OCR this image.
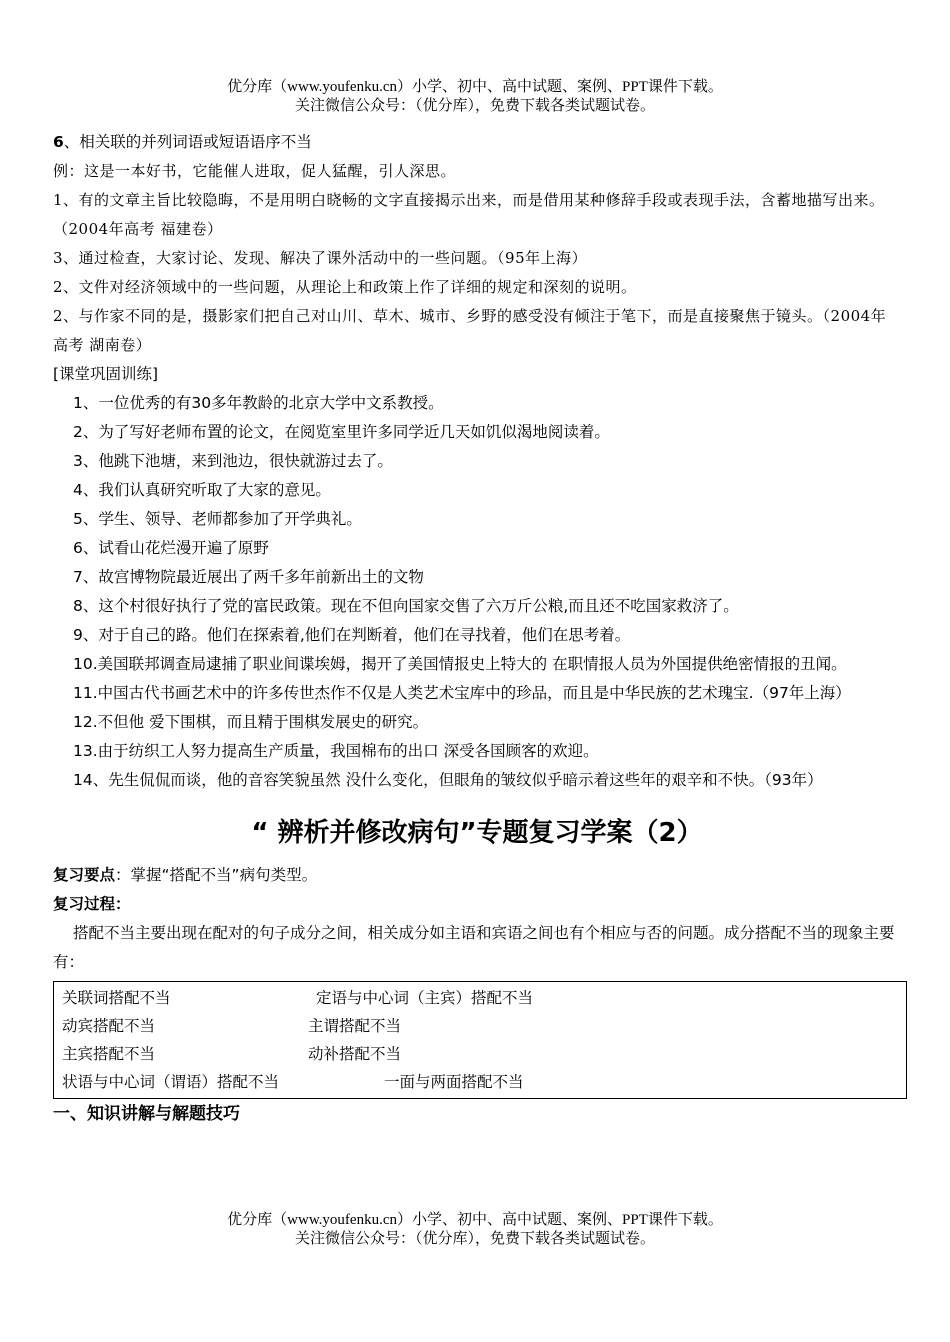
优分库（www.youfenku.cn）小学、初中、高中试题、案例、PPT课件下载。
关注微信公众号：（优分库），免费下载各类试题试卷。
6、相关联的并列词语或短语语序不当
例：这是一本好书，它能催人进取，促人猛醒，引人深思。
1、有的文章主旨比较隐晦，不是用明白晓畅的文字直接揭示出来，而是借用某种修辞手段或表现手法，含蓄地描写出来。（2004年高考 福建卷）
3、通过检查，大家讨论、发现、解决了课外活动中的一些问题。（95年上海）
2、文件对经济领域中的一些问题，从理论上和政策上作了详细的规定和深刻的说明。
2、与作家不同的是，摄影家们把自己对山川、草木、城市、乡野的感受没有倾注于笔下，而是直接聚焦于镜头。（2004年高考 湖南卷）
[课堂巩固训练]
1、一位优秀的有30多年教龄的北京大学中文系教授。
2、为了写好老师布置的论文，在阅览室里许多同学近几天如饥似渴地阅读着。
3、他跳下池塘，来到池边，很快就游过去了。
4、我们认真研究听取了大家的意见。
5、学生、领导、老师都参加了开学典礼。
6、试看山花烂漫开遍了原野
7、故宫博物院最近展出了两千多年前新出土的文物
8、这个村很好执行了党的富民政策。现在不但向国家交售了六万斤公粮,而且还不吃国家救济了。
9、对于自己的路。他们在探索着,他们在判断着，他们在寻找着，他们在思考着。
10.美国联邦调查局逮捕了职业间谍埃姆，揭开了美国情报史上特大的 在职情报人员为外国提供绝密情报的丑闻。
11.中国古代书画艺术中的许多传世杰作不仅是人类艺术宝库中的珍品，而且是中华民族的艺术瑰宝.（97年上海）
12.不但他 爱下围棋，而且精于围棋发展史的研究。
13.由于纺织工人努力提高生产质量，我国棉布的出口 深受各国顾客的欢迎。
14、先生侃侃而谈，他的音容笑貌虽然 没什么变化，但眼角的皱纹似乎暗示着这些年的艰辛和不快。（93年）
“ 辨析并修改病句”专题复习学案（2）
复习要点：掌握“搭配不当”病句类型。
复习过程：
搭配不当主要出现在配对的句子成分之间，相关成分如主语和宾语之间也有个相应与否的问题。成分搭配不当的现象主要有：
关联词搭配不当	定语与中心词（主宾）搭配不当
动宾搭配不当	主谓搭配不当
主宾搭配不当	动补搭配不当
状语与中心词（谓语）搭配不当	一面与两面搭配不当
一、知识讲解与解题技巧
优分库（www.youfenku.cn）小学、初中、高中试题、案例、PPT课件下载。
关注微信公众号：（优分库），免费下载各类试题试卷。
